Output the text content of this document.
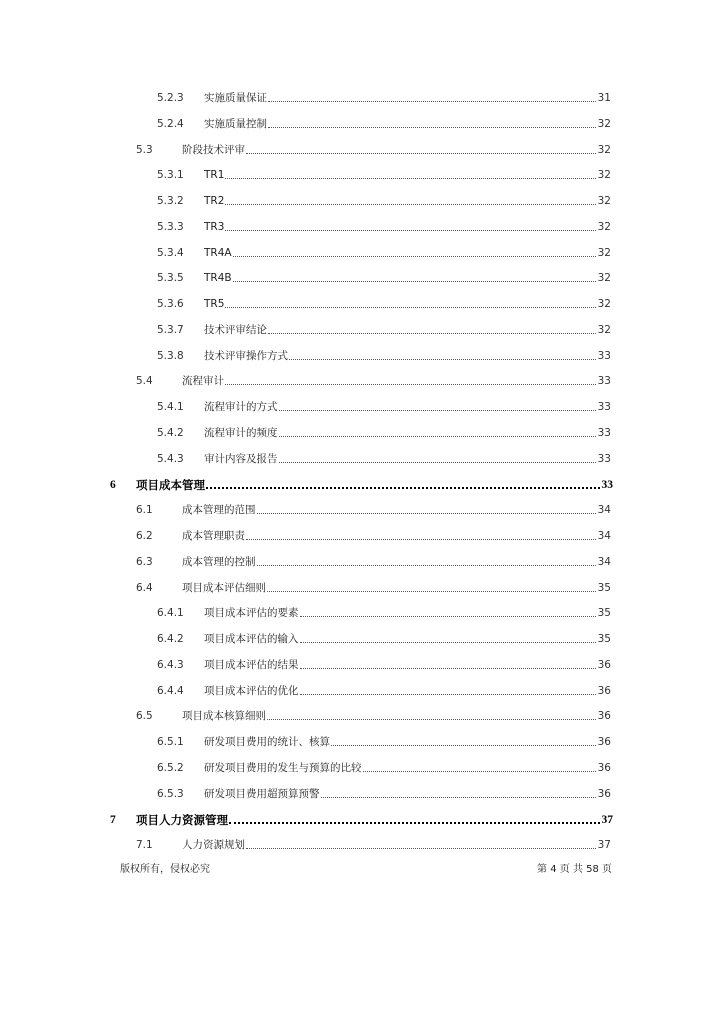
5.2.3 实施质量保证	31
5.2.4 实施质量控制	32
5.3	阶段技术评审	32
5.3.1 TR1	32
5.3.2 TR2	32
5.3.3 TR3	32
5.3.4 TR4A	32
5.3.5 TR4B	32
5.3.6 TR5	32
5.3.7 技术评审结论	32
5.3.8 技术评审操作方式	33
5.4	流程审计	33
5.4.1 流程审计的方式	33
5.4.2 流程审计的频度	33
5.4.3 审计内容及报告	33
6 项目成本管理	33
6.1	成本管理的范围	34
6.2	成本管理职责	34
6.3	成本管理的控制	34
6.4	项目成本评估细则	35
6.4.1 项目成本评估的要素	35
6.4.2 项目成本评估的输入	35
6.4.3 项目成本评估的结果	36
6.4.4 项目成本评估的优化	36
6.5	项目成本核算细则	36
6.5.1 研发项目费用的统计、核算	36
6.5.2 研发项目费用的发生与预算的比较	36
6.5.3 研发项目费用超预算预警	36
7 项目人力资源管理	37
7.1	人力资源规划	37
版权所有，侵权必究	第 4 页 共 58 页
